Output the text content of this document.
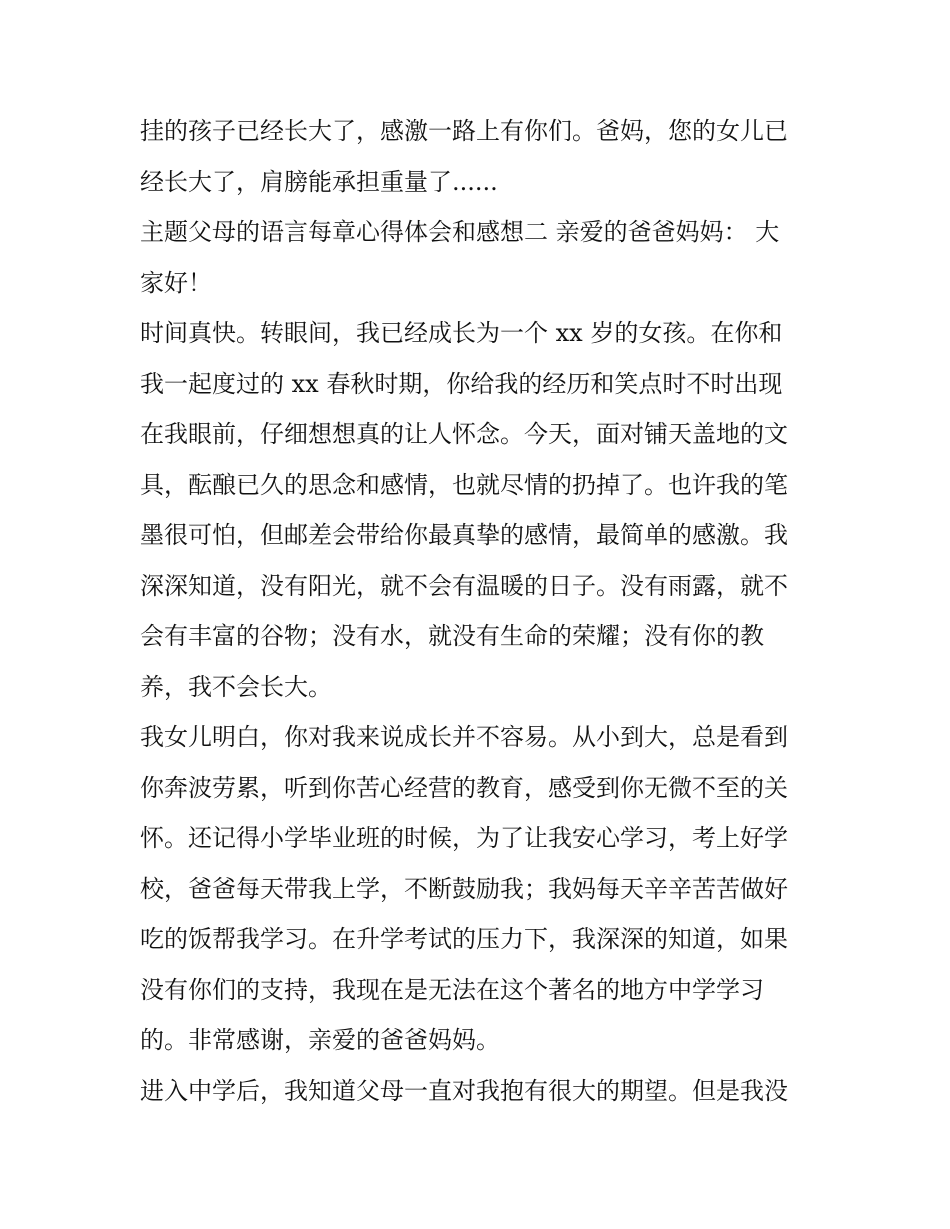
挂的孩子已经长大了，感激一路上有你们。爸妈，您的女儿已
经长大了，肩膀能承担重量了......
主题父母的语言每章心得体会和感想二 亲爱的爸爸妈妈： 大
家好！
时间真快。转眼间，我已经成长为一个 xx 岁的女孩。在你和
我一起度过的 xx 春秋时期，你给我的经历和笑点时不时出现
在我眼前，仔细想想真的让人怀念。今天，面对铺天盖地的文
具，酝酿已久的思念和感情，也就尽情的扔掉了。也许我的笔
墨很可怕，但邮差会带给你最真挚的感情，最简单的感激。我
深深知道，没有阳光，就不会有温暖的日子。没有雨露，就不
会有丰富的谷物；没有水，就没有生命的荣耀；没有你的教
养，我不会长大。
我女儿明白，你对我来说成长并不容易。从小到大，总是看到
你奔波劳累，听到你苦心经营的教育，感受到你无微不至的关
怀。还记得小学毕业班的时候，为了让我安心学习，考上好学
校，爸爸每天带我上学，不断鼓励我；我妈每天辛辛苦苦做好
吃的饭帮我学习。在升学考试的压力下，我深深的知道，如果
没有你们的支持，我现在是无法在这个著名的地方中学学习
的。非常感谢，亲爱的爸爸妈妈。
进入中学后，我知道父母一直对我抱有很大的期望。但是我没
